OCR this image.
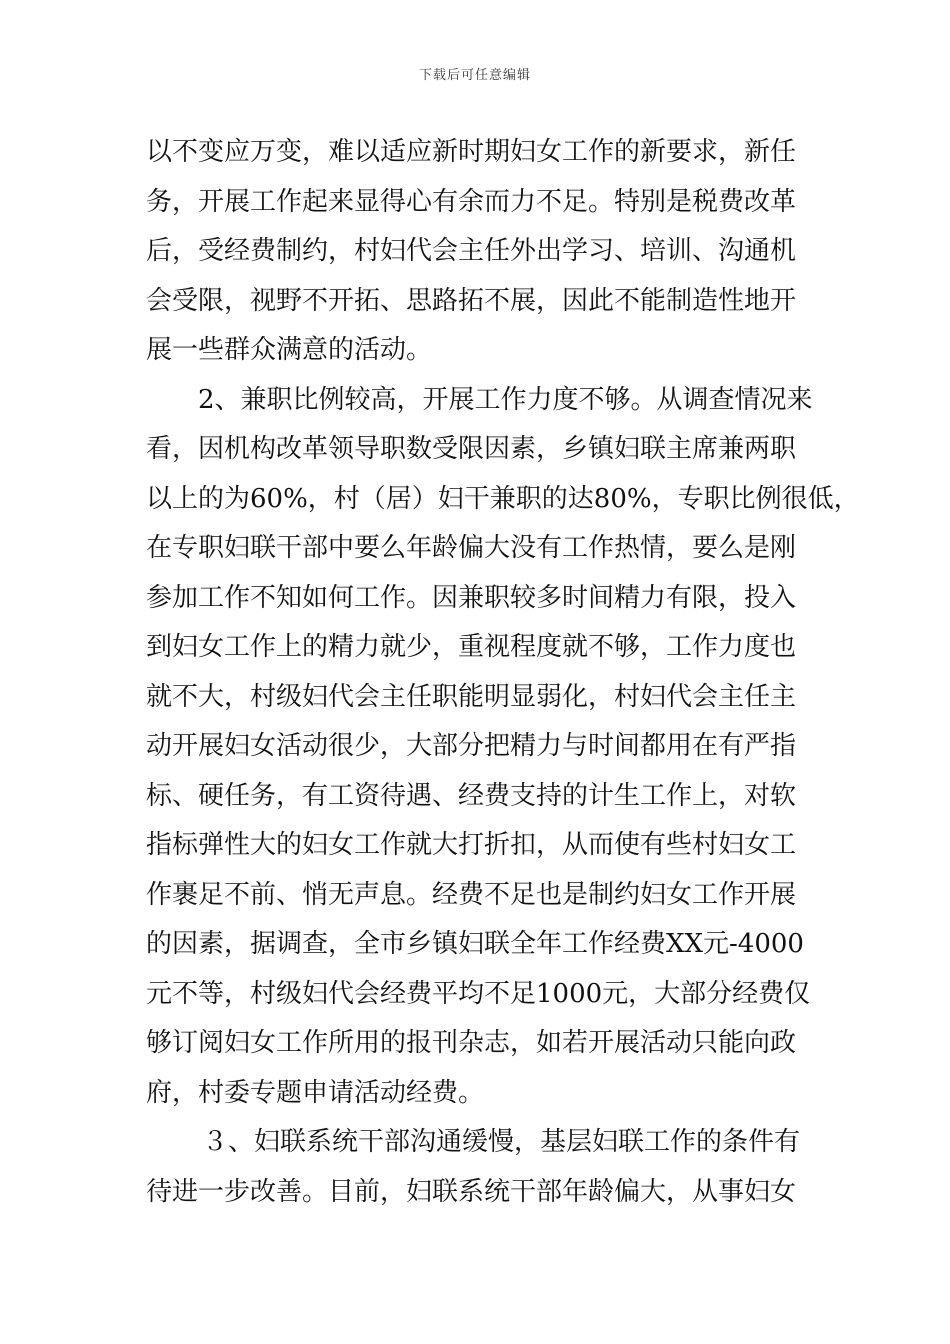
下载后可任意编辑
以不变应万变，难以适应新时期妇女工作的新要求，新任
务，开展工作起来显得心有余而力不足。特别是税费改革
后，受经费制约，村妇代会主任外出学习、培训、沟通机
会受限，视野不开拓、思路拓不展，因此不能制造性地开
展一些群众满意的活动。
2、兼职比例较高，开展工作力度不够。从调查情况来
看，因机构改革领导职数受限因素，乡镇妇联主席兼两职
以上的为60%，村（居）妇干兼职的达80%，专职比例很低，
在专职妇联干部中要么年龄偏大没有工作热情，要么是刚
参加工作不知如何工作。因兼职较多时间精力有限，投入
到妇女工作上的精力就少，重视程度就不够，工作力度也
就不大，村级妇代会主任职能明显弱化，村妇代会主任主
动开展妇女活动很少，大部分把精力与时间都用在有严指
标、硬任务，有工资待遇、经费支持的计生工作上，对软
指标弹性大的妇女工作就大打折扣，从而使有些村妇女工
作裹足不前、悄无声息。经费不足也是制约妇女工作开展
的因素，据调查，全市乡镇妇联全年工作经费XX元-4000
元不等，村级妇代会经费平均不足1000元，大部分经费仅
够订阅妇女工作所用的报刊杂志，如若开展活动只能向政
府，村委专题申请活动经费。
３、妇联系统干部沟通缓慢，基层妇联工作的条件有
待进一步改善。目前，妇联系统干部年龄偏大，从事妇女
